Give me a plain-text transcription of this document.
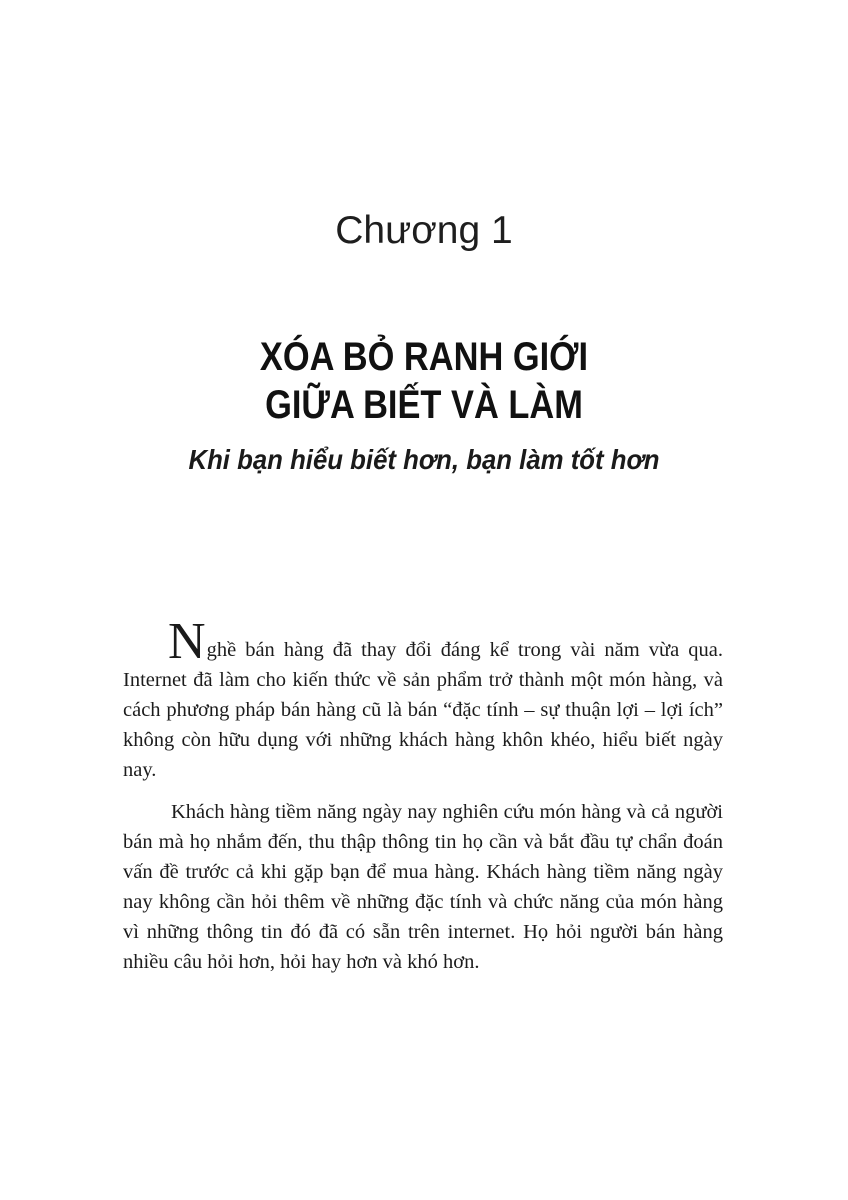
Chương 1
XÓA BỎ RANH GIỚI
GIỮA BIẾT VÀ LÀM
Khi bạn hiểu biết hơn, bạn làm tốt hơn

Nghề bán hàng đã thay đổi đáng kể trong vài năm vừa qua. Internet đã làm cho kiến thức về sản phẩm trở thành một món hàng, và cách phương pháp bán hàng cũ là bán “đặc tính – sự thuận lợi – lợi ích” không còn hữu dụng với những khách hàng khôn khéo, hiểu biết ngày nay.

Khách hàng tiềm năng ngày nay nghiên cứu món hàng và cả người bán mà họ nhắm đến, thu thập thông tin họ cần và bắt đầu tự chẩn đoán vấn đề trước cả khi gặp bạn để mua hàng. Khách hàng tiềm năng ngày nay không cần hỏi thêm về những đặc tính và chức năng của món hàng vì những thông tin đó đã có sẵn trên internet. Họ hỏi người bán hàng nhiều câu hỏi hơn, hỏi hay hơn và khó hơn.
